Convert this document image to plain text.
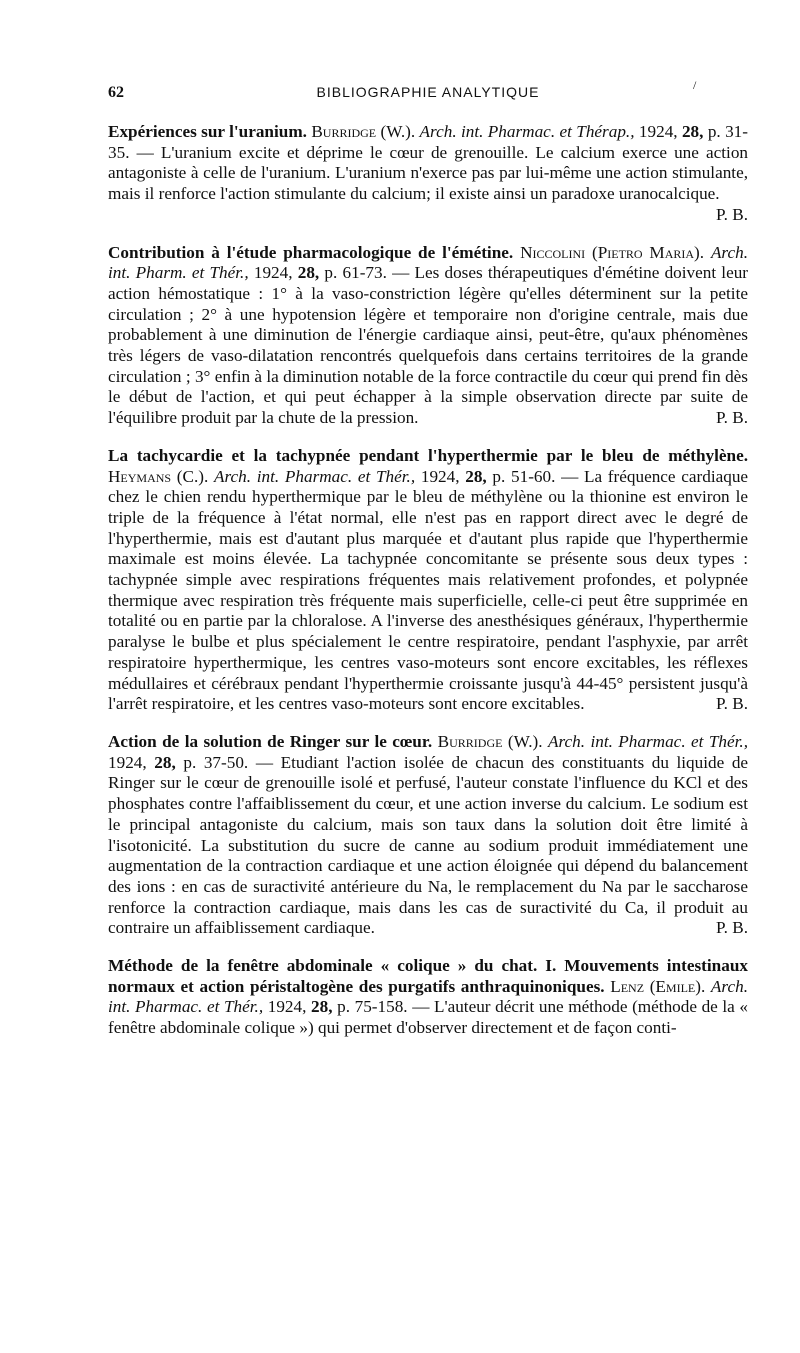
62	BIBLIOGRAPHIE ANALYTIQUE	/

Expériences sur l'uranium. Burridge (W.). Arch. int. Pharmac. et Thérap., 1924, 28, p. 31-35. — L'uranium excite et déprime le cœur de grenouille. Le calcium exerce une action antagoniste à celle de l'uranium. L'uranium n'exerce pas par lui-même une action stimulante, mais il renforce l'action stimulante du calcium; il existe ainsi un paradoxe uranocalcique.
P. B.

Contribution à l'étude pharmacologique de l'émétine. Niccolini (Pietro Maria). Arch. int. Pharm. et Thér., 1924, 28, p. 61-73. — Les doses thérapeutiques d'émétine doivent leur action hémostatique : 1° à la vaso-constriction légère qu'elles déterminent sur la petite circulation ; 2° à une hypotension légère et temporaire non d'origine centrale, mais due probablement à une diminution de l'énergie cardiaque ainsi, peut-être, qu'aux phénomènes très légers de vaso-dilatation rencontrés quelquefois dans certains territoires de la grande circulation ; 3° enfin à la diminution notable de la force contractile du cœur qui prend fin dès le début de l'action, et qui peut échapper à la simple observation directe par suite de l'équilibre produit par la chute de la pression.	P. B.

La tachycardie et la tachypnée pendant l'hyperthermie par le bleu de méthylène. Heymans (C.). Arch. int. Pharmac. et Thér., 1924, 28, p. 51-60. — La fréquence cardiaque chez le chien rendu hyperthermique par le bleu de méthylène ou la thionine est environ le triple de la fréquence à l'état normal, elle n'est pas en rapport direct avec le degré de l'hyperthermie, mais est d'autant plus marquée et d'autant plus rapide que l'hyperthermie maximale est moins élevée. La tachypnée concomitante se présente sous deux types : tachypnée simple avec respirations fréquentes mais relativement profondes, et polypnée thermique avec respiration très fréquente mais superficielle, celle-ci peut être supprimée en totalité ou en partie par la chloralose. A l'inverse des anesthésiques généraux, l'hyperthermie paralyse le bulbe et plus spécialement le centre respiratoire, pendant l'asphyxie, par arrêt respiratoire hyperthermique, les centres vaso-moteurs sont encore excitables, les réflexes médullaires et cérébraux pendant l'hyperthermie croissante jusqu'à 44-45° persistent jusqu'à l'arrêt respiratoire, et les centres vaso-moteurs sont encore excitables.	P. B.

Action de la solution de Ringer sur le cœur. Burridge (W.). Arch. int. Pharmac. et Thér., 1924, 28, p. 37-50. — Etudiant l'action isolée de chacun des constituants du liquide de Ringer sur le cœur de grenouille isolé et perfusé, l'auteur constate l'influence du KCl et des phosphates contre l'affaiblissement du cœur, et une action inverse du calcium. Le sodium est le principal antagoniste du calcium, mais son taux dans la solution doit être limité à l'isotonicité. La substitution du sucre de canne au sodium produit immédiatement une augmentation de la contraction cardiaque et une action éloignée qui dépend du balancement des ions : en cas de suractivité antérieure du Na, le remplacement du Na par le saccharose renforce la contraction cardiaque, mais dans les cas de suractivité du Ca, il produit au contraire un affaiblissement cardiaque.	P. B.

Méthode de la fenêtre abdominale « colique » du chat. I. Mouvements intestinaux normaux et action péristaltogène des purgatifs anthraquinoniques. Lenz (Emile). Arch. int. Pharmac. et Thér., 1924, 28, p. 75-158. — L'auteur décrit une méthode (méthode de la « fenêtre abdominale colique ») qui permet d'observer directement et de façon conti-
